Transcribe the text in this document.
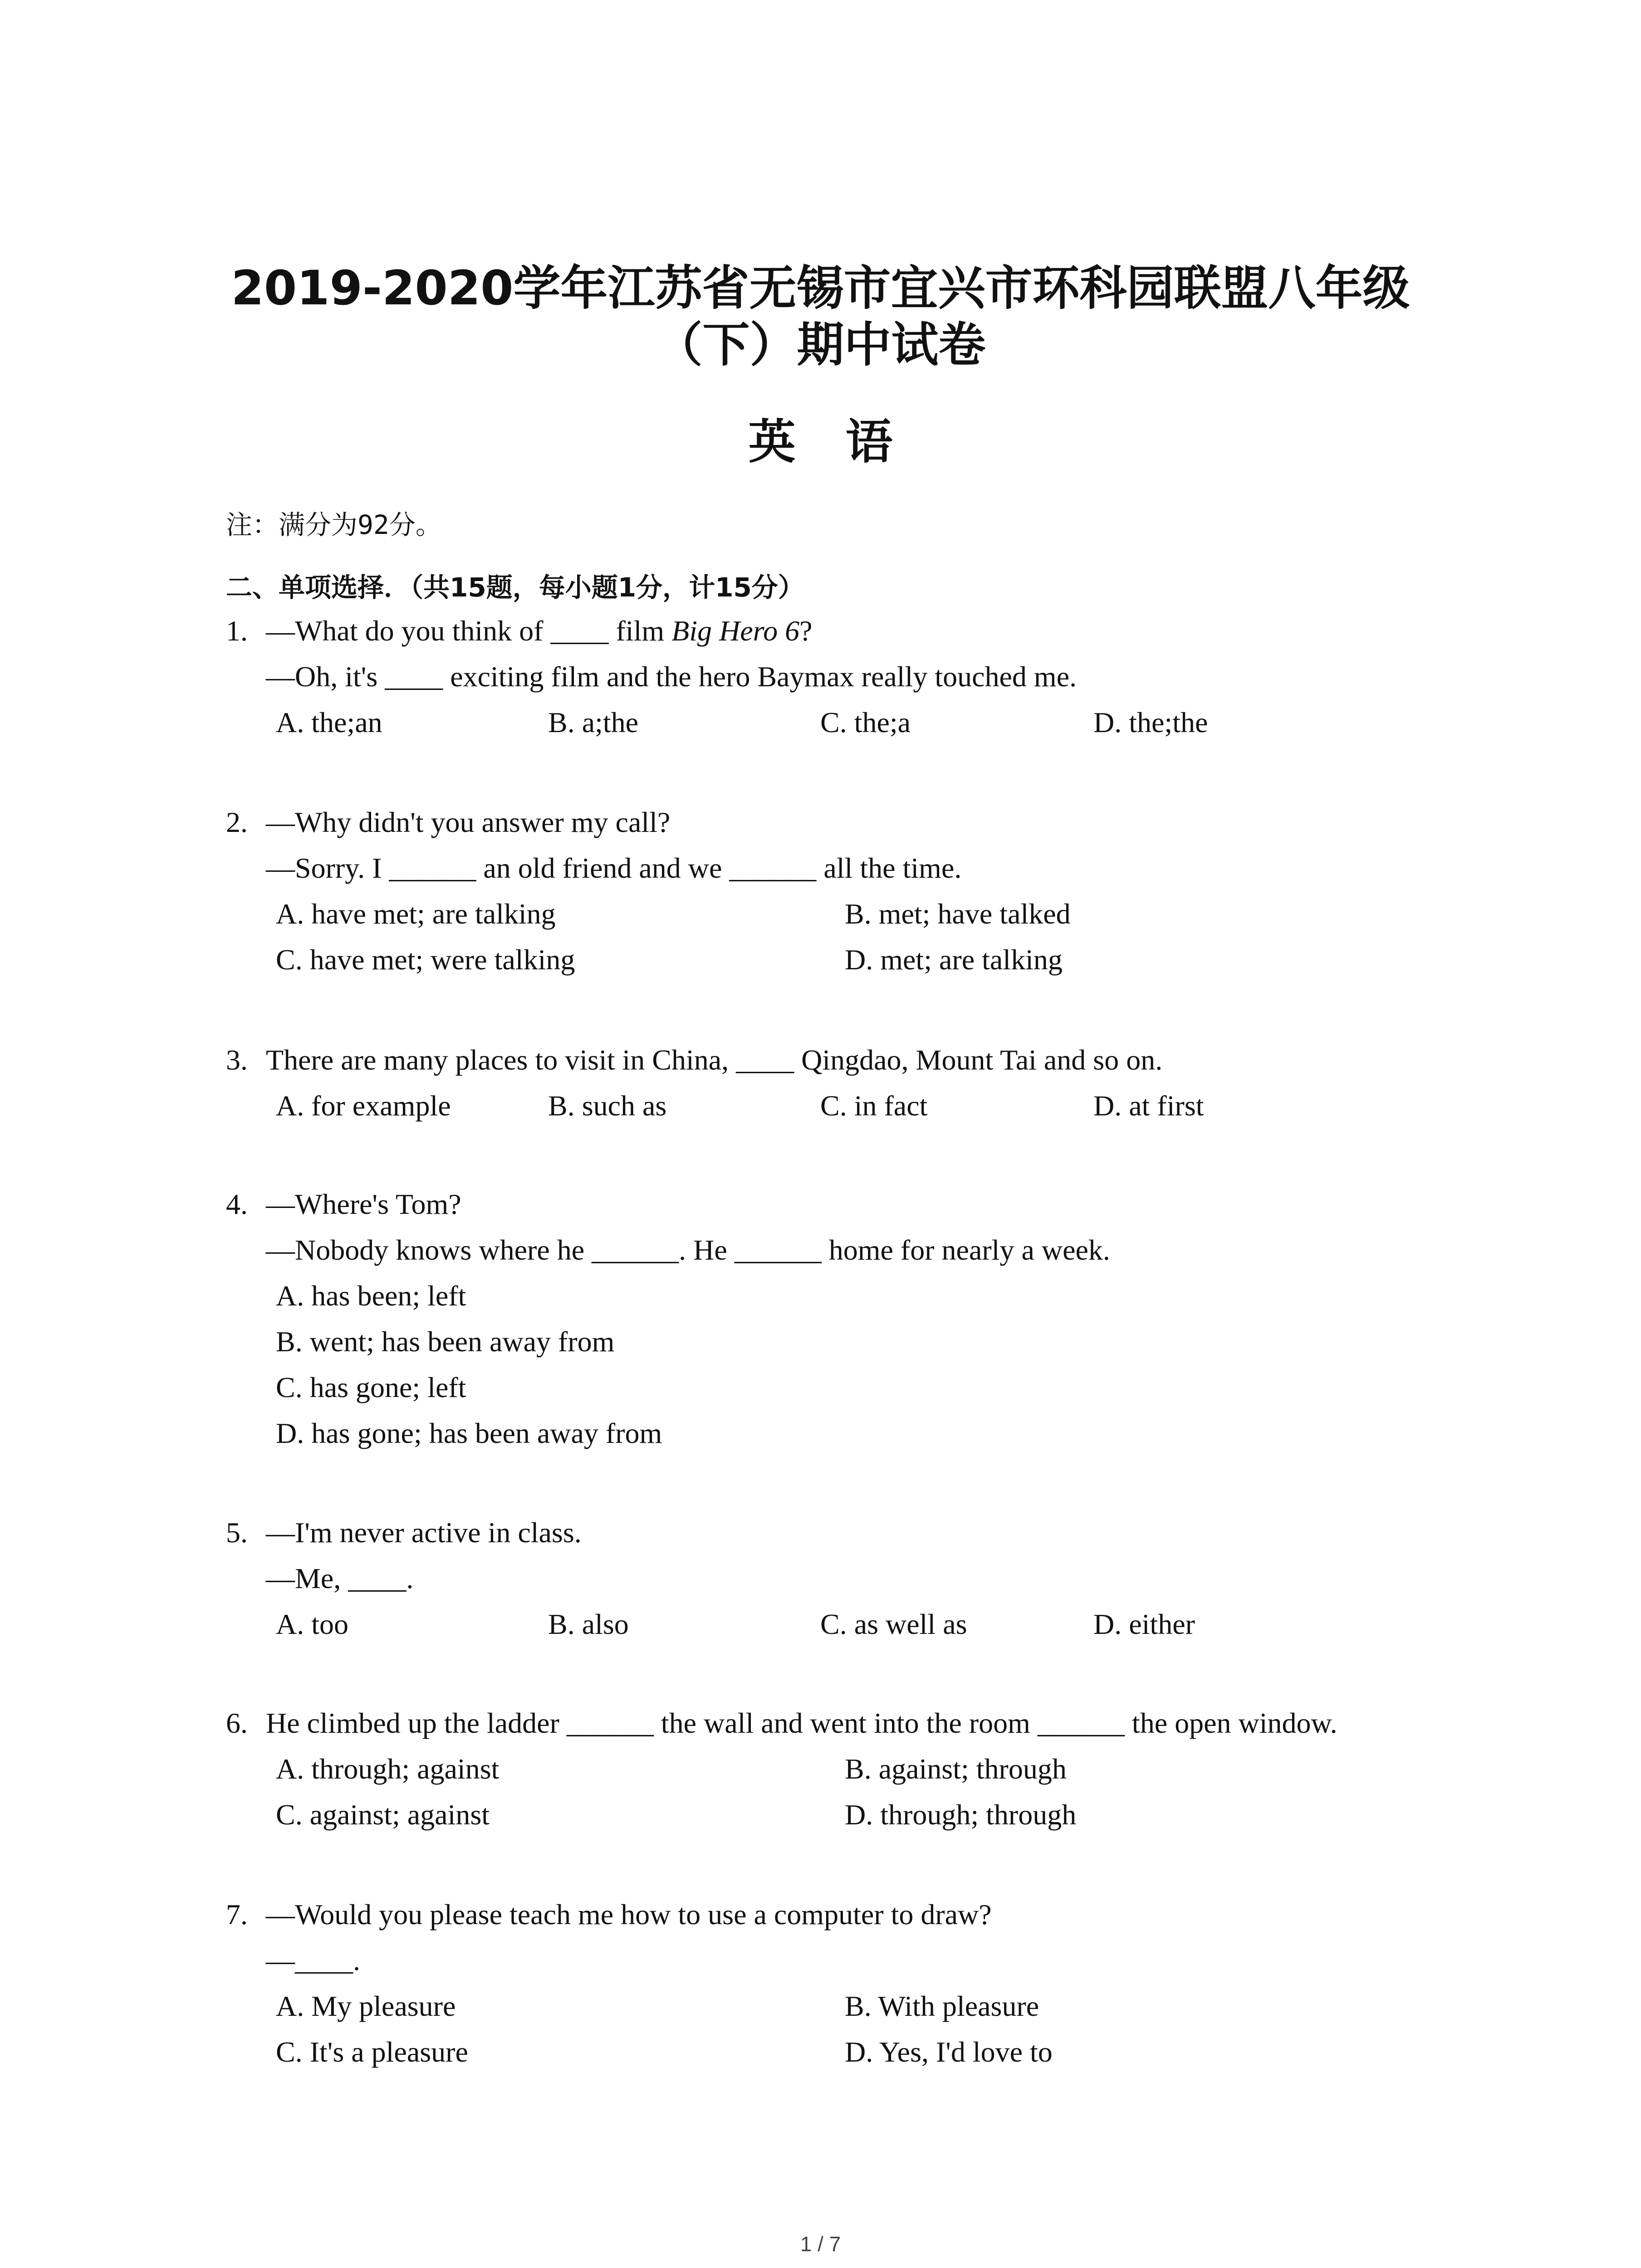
2019-2020学年江苏省无锡市宜兴市环科园联盟八年级
（下）期中试卷
英语
注：满分为92分。
二、单项选择．（共15题，每小题1分，计15分）
1. —What do you think of ____ film Big Hero 6?
—Oh, it's ____ exciting film and the hero Baymax really touched me.
A. the;an	B. a;the	C. the;a	D. the;the
2. —Why didn't you answer my call?
—Sorry. I ______ an old friend and we ______ all the time.
A. have met; are talking	B. met; have talked
C. have met; were talking	D. met; are talking
3. There are many places to visit in China, ____ Qingdao, Mount Tai and so on.
A. for example	B. such as	C. in fact	D. at first
4. —Where's Tom?
—Nobody knows where he ______. He ______ home for nearly a week.
A. has been; left
B. went; has been away from
C. has gone; left
D. has gone; has been away from
5. —I'm never active in class.
—Me, ____.
A. too	B. also	C. as well as	D. either
6. He climbed up the ladder ______ the wall and went into the room ______ the open window.
A. through; against	B. against; through
C. against; against	D. through; through
7. —Would you please teach me how to use a computer to draw?
—____.
A. My pleasure	B. With pleasure
C. It's a pleasure	D. Yes, I'd love to
1 / 7
